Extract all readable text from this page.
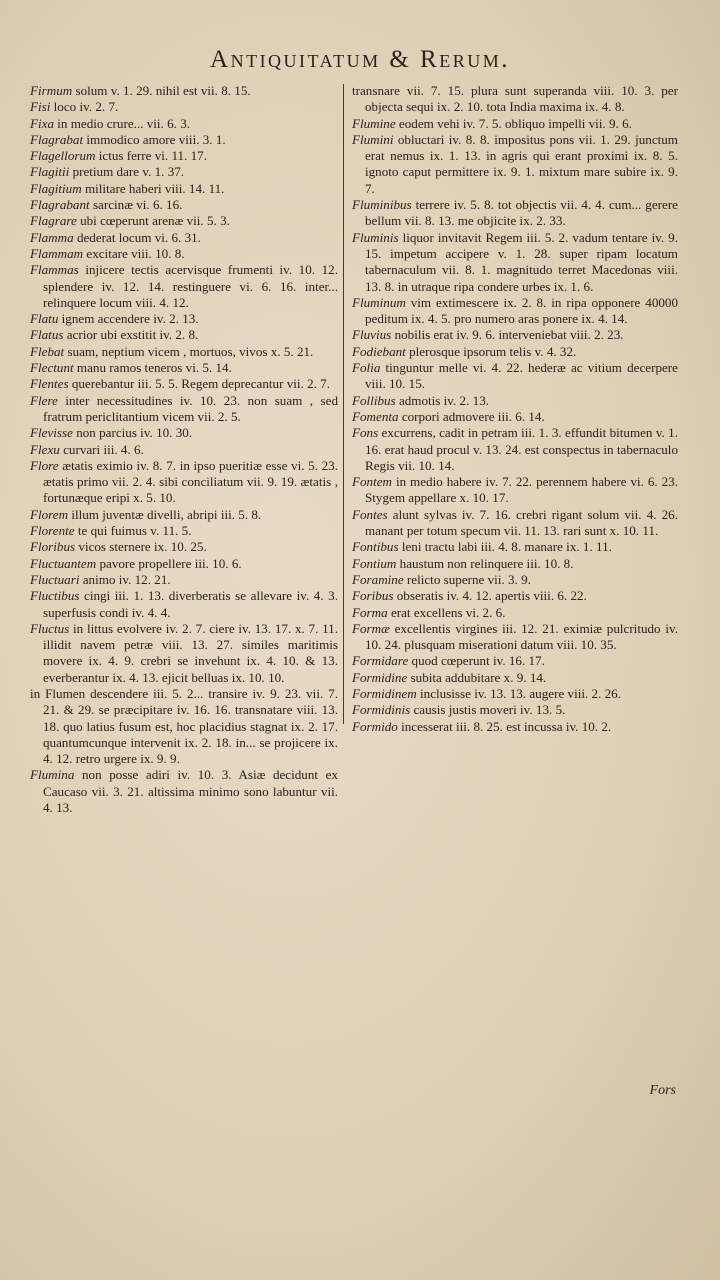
Antiquitatum & Rerum.
Firmum solum v. 1. 29. nihil est vii. 8. 15.
Fisi loco iv. 2. 7.
Fixa in medio crure... vii. 6. 3.
Flagrabat immodico amore viii. 3. 1.
Flagellorum ictus ferre vi. 11. 17.
Flagitii pretium dare v. 1. 37.
Flagitium militare haberi viii. 14. 11.
Flagrabant sarcinæ vi. 6. 16.
Flagrare ubi cœperunt arenæ vii. 5. 3.
Flamma dederat locum vi. 6. 31.
Flammam excitare viii. 10. 8.
Flammas injicere tectis acervisque frumenti iv. 10. 12. splendere iv. 12. 14. restinguere vi. 6. 16. inter... relinquere locum viii. 4. 12.
Flatu ignem accendere iv. 2. 13.
Flatus acrior ubi exstitit iv. 2. 8.
Flebat suam, neptium vicem , mortuos, vivos x. 5. 21.
Flectunt manu ramos teneros vi. 5. 14.
Flentes querebantur iii. 5. 5. Regem deprecantur vii. 2. 7.
Flere inter necessitudines iv. 10. 23. non suam , sed fratrum periclitantium vicem vii. 2. 5.
Flevisse non parcius iv. 10. 30.
Flexu curvari iii. 4. 6.
Flore ætatis eximio iv. 8. 7. in ipso pueritiæ esse vi. 5. 23. ætatis primo vii. 2. 4. sibi conciliatum vii. 9. 19. ætatis , fortunæque eripi x. 5. 10.
Florem illum juventæ divelli, abripi iii. 5. 8.
Florente te qui fuimus v. 11. 5.
Floribus vicos sternere ix. 10. 25.
Fluctuantem pavore propellere iii. 10. 6.
Fluctuari animo iv. 12. 21.
Fluctibus cingi iii. 1. 13. diverberatis se allevare iv. 4. 3. superfusis condi iv. 4. 4.
Fluctus in littus evolvere iv. 2. 7. ciere iv. 13. 17. x. 7. 11. illidit navem petræ viii. 13. 27. similes maritimis movere ix. 4. 9. crebri se invehunt ix. 4. 10. & 13. everberantur ix. 4. 13. ejicit belluas ix. 10. 10.
in Flumen descendere iii. 5. 2... transire iv. 9. 23. vii. 7. 21. & 29. se præcipitare iv. 16. 16. transnatare viii. 13. 18. quo latius fusum est, hoc placidius stagnat ix. 2. 17. quantumcunque intervenit ix. 2. 18. in... se projicere ix. 4. 12. retro urgere ix. 9. 9.
Flumina non posse adiri iv. 10. 3. Asiæ decidunt ex Caucaso vii. 3. 21. altissima minimo sono labuntur vii. 4. 13.
transnare vii. 7. 15. plura sunt superanda viii. 10. 3. per objecta sequi ix. 2. 10. tota India maxima ix. 4. 8.
Flumine eodem vehi iv. 7. 5. obliquo impelli vii. 9. 6.
Flumini obluctari iv. 8. 8. impositus pons vii. 1. 29. junctum erat nemus ix. 1. 13. in agris qui erant proximi ix. 8. 5. ignoto caput permittere ix. 9. 1. mixtum mare subire ix. 9. 7.
Fluminibus terrere iv. 5. 8. tot objectis vii. 4. 4. cum... gerere bellum vii. 8. 13. me objicite ix. 2. 33.
Fluminis liquor invitavit Regem iii. 5. 2. vadum tentare iv. 9. 15. impetum accipere v. 1. 28. super ripam locatum tabernaculum vii. 8. 1. magnitudo terret Macedonas viii. 13. 8. in utraque ripa condere urbes ix. 1. 6.
Fluminum vim extimescere ix. 2. 8. in ripa opponere 40000 peditum ix. 4. 5. pro numero aras ponere ix. 4. 14.
Fluvius nobilis erat iv. 9. 6. interveniebat viii. 2. 23.
Fodiebant plerosque ipsorum telis v. 4. 32.
Folia tinguntur melle vi. 4. 22. hederæ ac vitium decerpere viii. 10. 15.
Follibus admotis iv. 2. 13.
Fomenta corpori admovere iii. 6. 14.
Fons excurrens, cadit in petram iii. 1. 3. effundit bitumen v. 1. 16. erat haud procul v. 13. 24. est conspectus in tabernaculo Regis vii. 10. 14.
Fontem in medio habere iv. 7. 22. perennem habere vi. 6. 23. Stygem appellare x. 10. 17.
Fontes alunt sylvas iv. 7. 16. crebri rigant solum vii. 4. 26. manant per totum specum vii. 11. 13. rari sunt x. 10. 11.
Fontibus leni tractu labi iii. 4. 8. manare ix. 1. 11.
Fontium haustum non relinquere iii. 10. 8.
Foramine relicto superne vii. 3. 9.
Foribus obseratis iv. 4. 12. apertis viii. 6. 22.
Forma erat excellens vi. 2. 6.
Formæ excellentis virgines iii. 12. 21. eximiæ pulcritudo iv. 10. 24. plusquam miserationi datum viii. 10. 35.
Formidare quod cœperunt iv. 16. 17.
Formidine subita addubitare x. 9. 14.
Formidinem inclusisse iv. 13. 13. augere viii. 2. 26.
Formidinis causis justis moveri iv. 13. 5.
Formido incesserat iii. 8. 25. est incussa iv. 10. 2.
Fors
